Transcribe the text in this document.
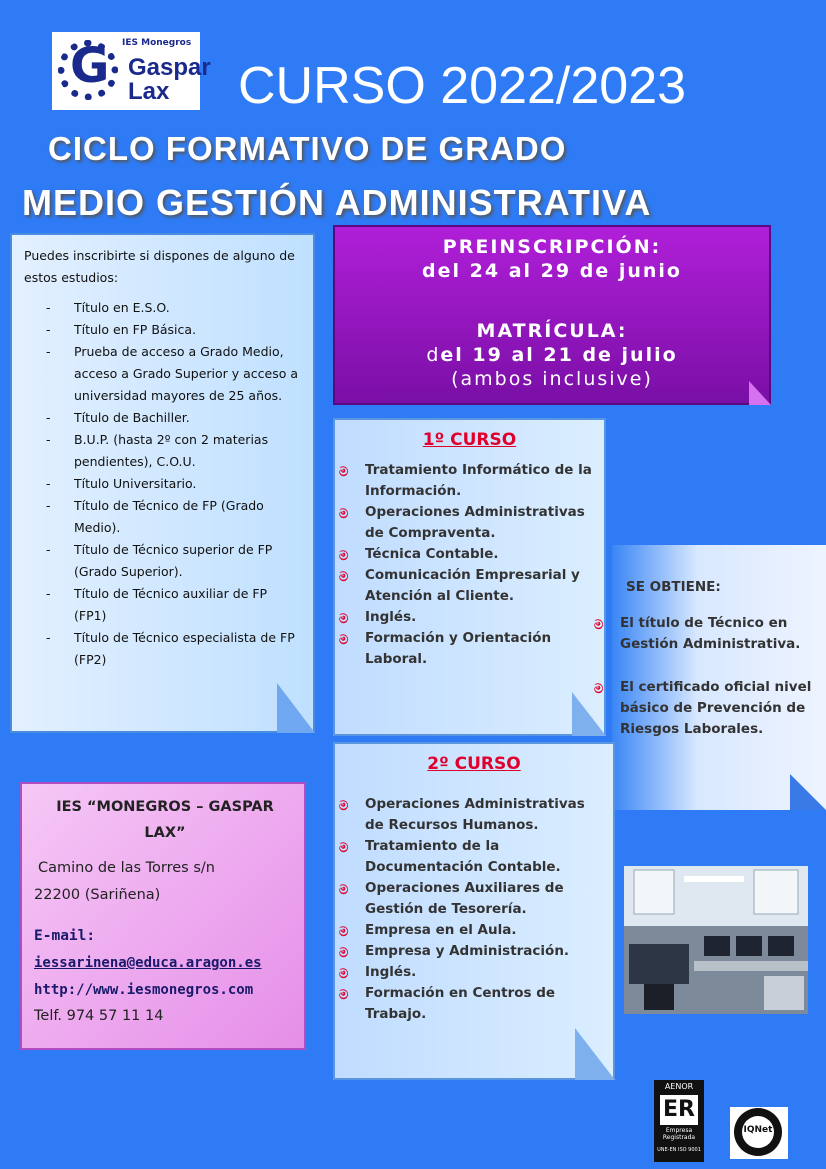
G IES Monegros
Gaspar
Lax CURSO 2022/2023
CICLO FORMATIVO DE GRADO
MEDIO GESTIÓN ADMINISTRATIVA
Puedes inscribirte si dispones de alguno de estos estudios:
- Título en E.S.O.
- Título en FP Básica.
- Prueba de acceso a Grado Medio, acceso a Grado Superior y acceso a universidad mayores de 25 años.
- Título de Bachiller.
- B.U.P. (hasta 2º con 2 materias pendientes), C.O.U.
- Título Universitario.
- Título de Técnico de FP (Grado Medio).
- Título de Técnico superior de FP (Grado Superior).
- Título de Técnico auxiliar de FP (FP1)
- Título de Técnico especialista de FP (FP2)
PREINSCRIPCIÓN:
del 24 al 29 de junio
MATRÍCULA:
del 19 al 21 de julio
(ambos inclusive)
1º CURSO
ම Tratamiento Informático de la Información.
ම Operaciones Administrativas de Compraventa.
ම Técnica Contable.
ම Comunicación Empresarial y Atención al Cliente.
ම Inglés.
ම Formación y Orientación Laboral.
SE OBTIENE:
ම El título de Técnico en Gestión Administrativa.
ම El certificado oficial nivel básico de Prevención de Riesgos Laborales.
2º CURSO
ම Operaciones Administrativas de Recursos Humanos.
ම Tratamiento de la Documentación Contable.
ම Operaciones Auxiliares de Gestión de Tesorería.
ම Empresa en el Aula.
ම Empresa y Administración.
ම Inglés.
ම Formación en Centros de Trabajo.
IES “MONEGROS – GASPAR LAX”
Camino de las Torres s/n
22200 (Sariñena)
E-mail:
iessarinena@educa.aragon.es
http://www.iesmonegros.com
Telf. 974 57 11 14
AENOR
ER
Empresa
Registrada
UNE-EN ISO 9001
IQNet
